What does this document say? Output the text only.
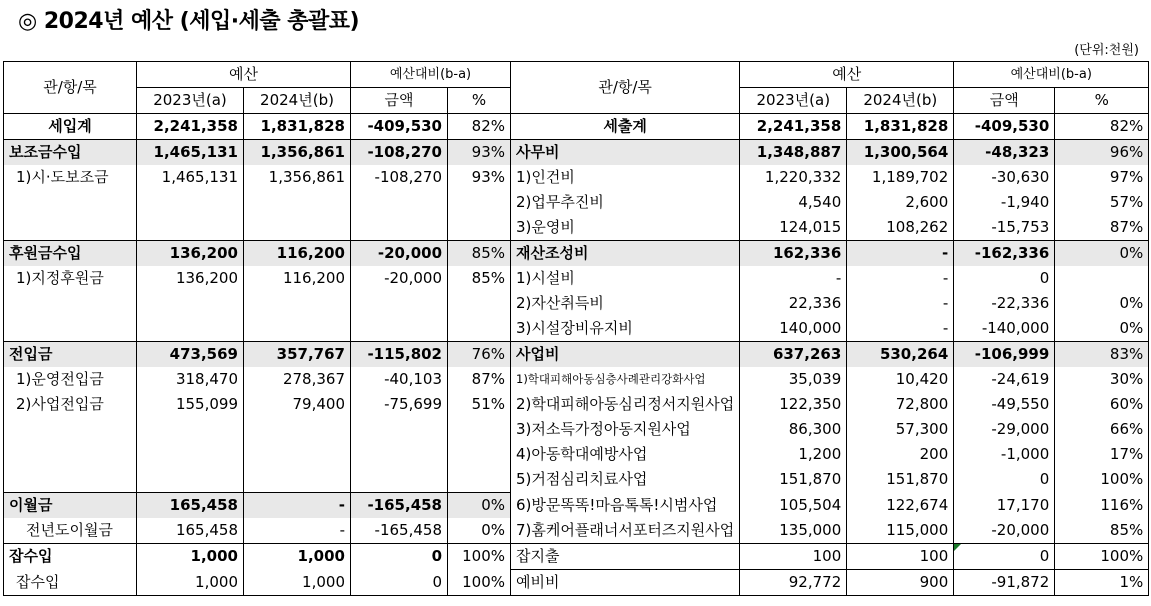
◎ 2024년 예산 (세입·세출 총괄표)
(단위:천원)
관/항/목	예산		예산대비(b-a)		관/항/목	예산		예산대비(b-a)	
	2023년(a)	2024년(b)	금액	%		2023년(a)	2024년(b)	금액	%
세입계	2,241,358	1,831,828	-409,530	82%	세출계	2,241,358	1,831,828	-409,530	82%
보조금수입	1,465,131	1,356,861	-108,270	93%	사무비	1,348,887	1,300,564	-48,323	96%
1)시·도보조금	1,465,131	1,356,861	-108,270	93%	1)인건비	1,220,332	1,189,702	-30,630	97%
					2)업무추진비	4,540	2,600	-1,940	57%
					3)운영비	124,015	108,262	-15,753	87%
후원금수입	136,200	116,200	-20,000	85%	재산조성비	162,336	-	-162,336	0%
1)지정후원금	136,200	116,200	-20,000	85%	1)시설비	-	-	0	
					2)자산취득비	22,336	-	-22,336	0%
					3)시설장비유지비	140,000	-	-140,000	0%
전입금	473,569	357,767	-115,802	76%	사업비	637,263	530,264	-106,999	83%
1)운영전입금	318,470	278,367	-40,103	87%	1)학대피해아동심층사례관리강화사업	35,039	10,420	-24,619	30%
2)사업전입금	155,099	79,400	-75,699	51%	2)학대피해아동심리정서지원사업	122,350	72,800	-49,550	60%
					3)저소득가정아동지원사업	86,300	57,300	-29,000	66%
					4)아동학대예방사업	1,200	200	-1,000	17%
					5)거점심리치료사업	151,870	151,870	0	100%
이월금	165,458	-	-165,458	0%	6)방문똑똑!마음톡톡!시범사업	105,504	122,674	17,170	116%
전년도이월금	165,458	-	-165,458	0%	7)홈케어플래너서포터즈지원사업	135,000	115,000	-20,000	85%
잡수입	1,000	1,000	0	100%	잡지출	100	100	0	100%
잡수입	1,000	1,000	0	100%	예비비	92,772	900	-91,872	1%
